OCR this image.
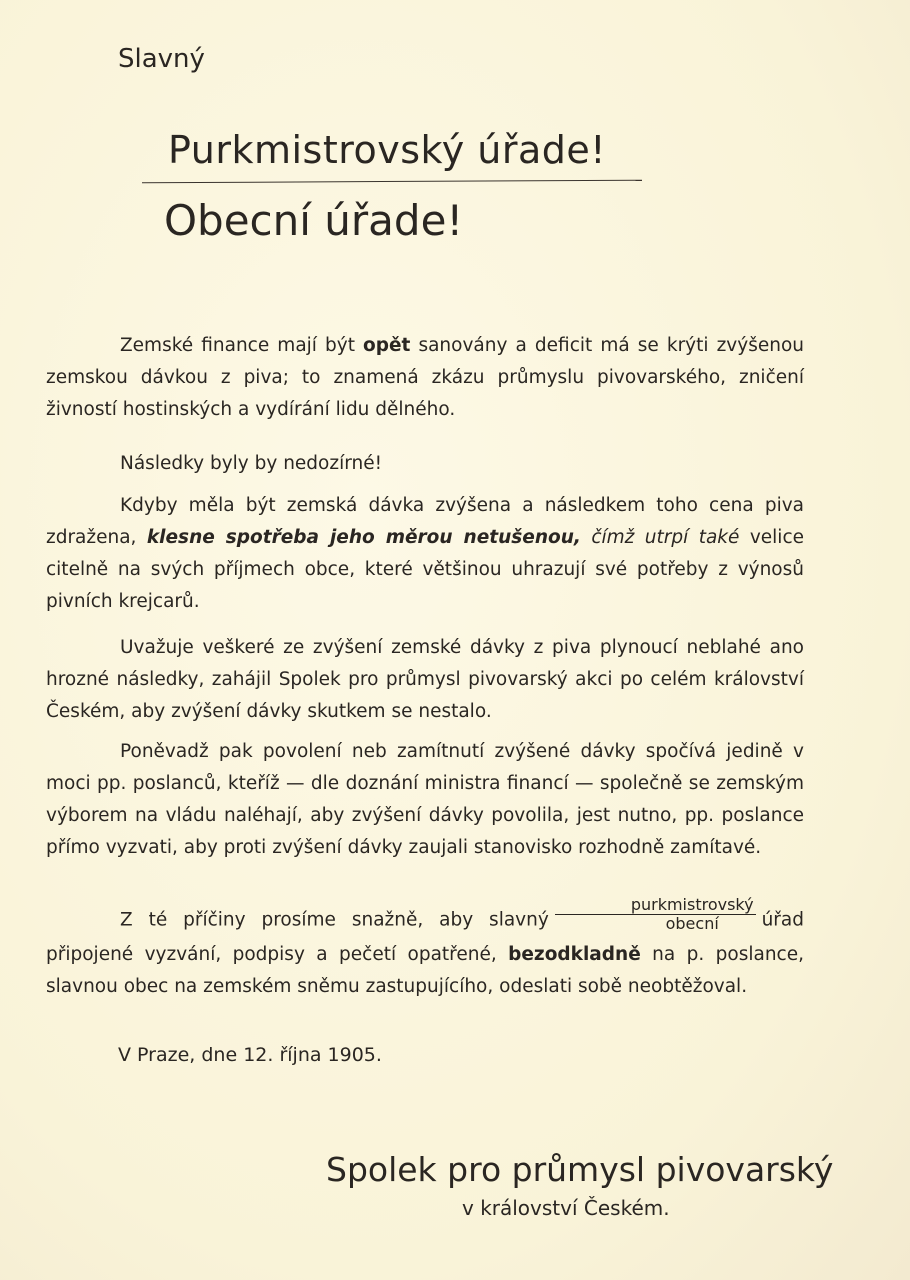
Slavný
Purkmistrovský úřade!
Obecní úřade!

Zemské finance mají být opět sanovány a deficit má se krýti zvýšenou zemskou dávkou z piva; to znamená zkázu průmyslu pivovarského, zničení živností hostinských a vydírání lidu dělného.

Následky byly by nedozírné!

Kdyby měla být zemská dávka zvýšena a následkem toho cena piva zdražena, klesne spotřeba jeho měrou netušenou, čímž utrpí také velice citelně na svých příjmech obce, které většinou uhrazují své potřeby z výnosů pivních krejcarů.

Uvažuje veškeré ze zvýšení zemské dávky z piva plynoucí neblahé ano hrozné následky, zahájil Spolek pro průmysl pivovarský akci po celém království Českém, aby zvýšení dávky skutkem se nestalo.

Poněvadž pak povolení neb zamítnutí zvýšené dávky spočívá jedině v moci pp. poslanců, kteříž — dle doznání ministra financí — společně se zemským výborem na vládu naléhají, aby zvýšení dávky povolila, jest nutno, pp. poslance přímo vyzvati, aby proti zvýšení dávky zaujali stanovisko rozhodně zamítavé.

Z té příčiny prosíme snažně, aby slavný $\frac{\text{purkmistrovský}}{\text{obecní}}$ úřad připojené vyzvání, podpisy a pečetí opatřené, bezodkladně na p. poslance, slavnou obec na zemském sněmu zastupujícího, odeslati sobě neobtěžoval.

V Praze, dne 12. října 1905.
Spolek pro průmysl pivovarský
v království Českém.
